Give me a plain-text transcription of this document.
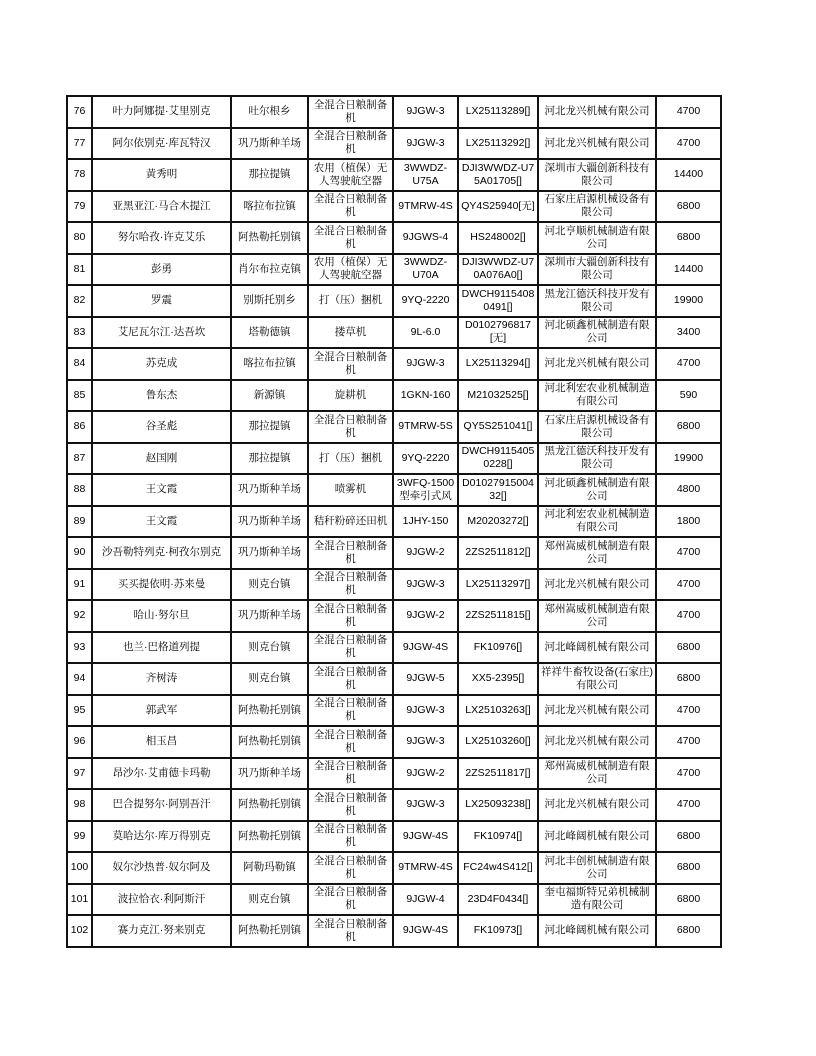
76	叶力阿娜提·艾里别克	吐尔根乡	全混合日粮制备机	9JGW-3	LX25113289[]	河北龙兴机械有限公司	4700
77	阿尔依别克·库瓦特汉	巩乃斯种羊场	全混合日粮制备机	9JGW-3	LX25113292[]	河北龙兴机械有限公司	4700
78	黄秀明	那拉提镇	农用（植保）无人驾驶航空器	3WWDZ-U75A	DJI3WWDZ-U75A01705[]	深圳市大疆创新科技有限公司	14400
79	亚黑亚江·马合木提江	喀拉布拉镇	全混合日粮制备机	9TMRW-4S	QY4S25940[无]	石家庄启源机械设备有限公司	6800
80	努尔哈孜·许克艾乐	阿热勒托别镇	全混合日粮制备机	9JGWS-4	HS248002[]	河北亨顺机械制造有限公司	6800
81	彭勇	肖尔布拉克镇	农用（植保）无人驾驶航空器	3WWDZ-U70A	DJI3WWDZ-U70A076A0[]	深圳市大疆创新科技有限公司	14400
82	罗震	别斯托别乡	打（压）捆机	9YQ-2220	DWCH91154080491[]	黑龙江德沃科技开发有限公司	19900
83	艾尼瓦尔江·达吾坎	塔勒德镇	搂草机	9L-6.0	D0102796817[无]	河北硕鑫机械制造有限公司	3400
84	苏克成	喀拉布拉镇	全混合日粮制备机	9JGW-3	LX25113294[]	河北龙兴机械有限公司	4700
85	鲁东杰	新源镇	旋耕机	1GKN-160	M21032525[]	河北利宏农业机械制造有限公司	590
86	谷圣彪	那拉提镇	全混合日粮制备机	9TMRW-5S	QY5S251041[]	石家庄启源机械设备有限公司	6800
87	赵国刚	那拉提镇	打（压）捆机	9YQ-2220	DWCH91154050228[]	黑龙江德沃科技开发有限公司	19900
88	王文霞	巩乃斯种羊场	喷雾机	3WFQ-1500型牵引式风	D0102791500432[]	河北硕鑫机械制造有限公司	4800
89	王文霞	巩乃斯种羊场	秸秆粉碎还田机	1JHY-150	M20203272[]	河北利宏农业机械制造有限公司	1800
90	沙吾勒特列克·柯孜尔别克	巩乃斯种羊场	全混合日粮制备机	9JGW-2	2ZS2511812[]	郑州嵩威机械制造有限公司	4700
91	买买提依明·苏来曼	则克台镇	全混合日粮制备机	9JGW-3	LX25113297[]	河北龙兴机械有限公司	4700
92	哈山·努尔旦	巩乃斯种羊场	全混合日粮制备机	9JGW-2	2ZS2511815[]	郑州嵩威机械制造有限公司	4700
93	也兰·巴格道列提	则克台镇	全混合日粮制备机	9JGW-4S	FK10976[]	河北峰阔机械有限公司	6800
94	齐树涛	则克台镇	全混合日粮制备机	9JGW-5	XX5-2395[]	祥祥牛畜牧设备(石家庄)有限公司	6800
95	郭武军	阿热勒托别镇	全混合日粮制备机	9JGW-3	LX25103263[]	河北龙兴机械有限公司	4700
96	相玉昌	阿热勒托别镇	全混合日粮制备机	9JGW-3	LX25103260[]	河北龙兴机械有限公司	4700
97	昂沙尔·艾甫德卡玛勒	巩乃斯种羊场	全混合日粮制备机	9JGW-2	2ZS2511817[]	郑州嵩威机械制造有限公司	4700
98	巴合提努尔·阿别吾汗	阿热勒托别镇	全混合日粮制备机	9JGW-3	LX25093238[]	河北龙兴机械有限公司	4700
99	莫哈达尔·库万得别克	阿热勒托别镇	全混合日粮制备机	9JGW-4S	FK10974[]	河北峰阔机械有限公司	6800
100	奴尔沙热普·奴尔阿及	阿勒玛勒镇	全混合日粮制备机	9TMRW-4S	FC24w4S412[]	河北丰创机械制造有限公司	6800
101	波拉恰衣·利阿斯汗	则克台镇	全混合日粮制备机	9JGW-4	23D4F0434[]	奎屯福斯特兄弟机械制造有限公司	6800
102	赛力克江·努来别克	阿热勒托别镇	全混合日粮制备机	9JGW-4S	FK10973[]	河北峰阔机械有限公司	6800
